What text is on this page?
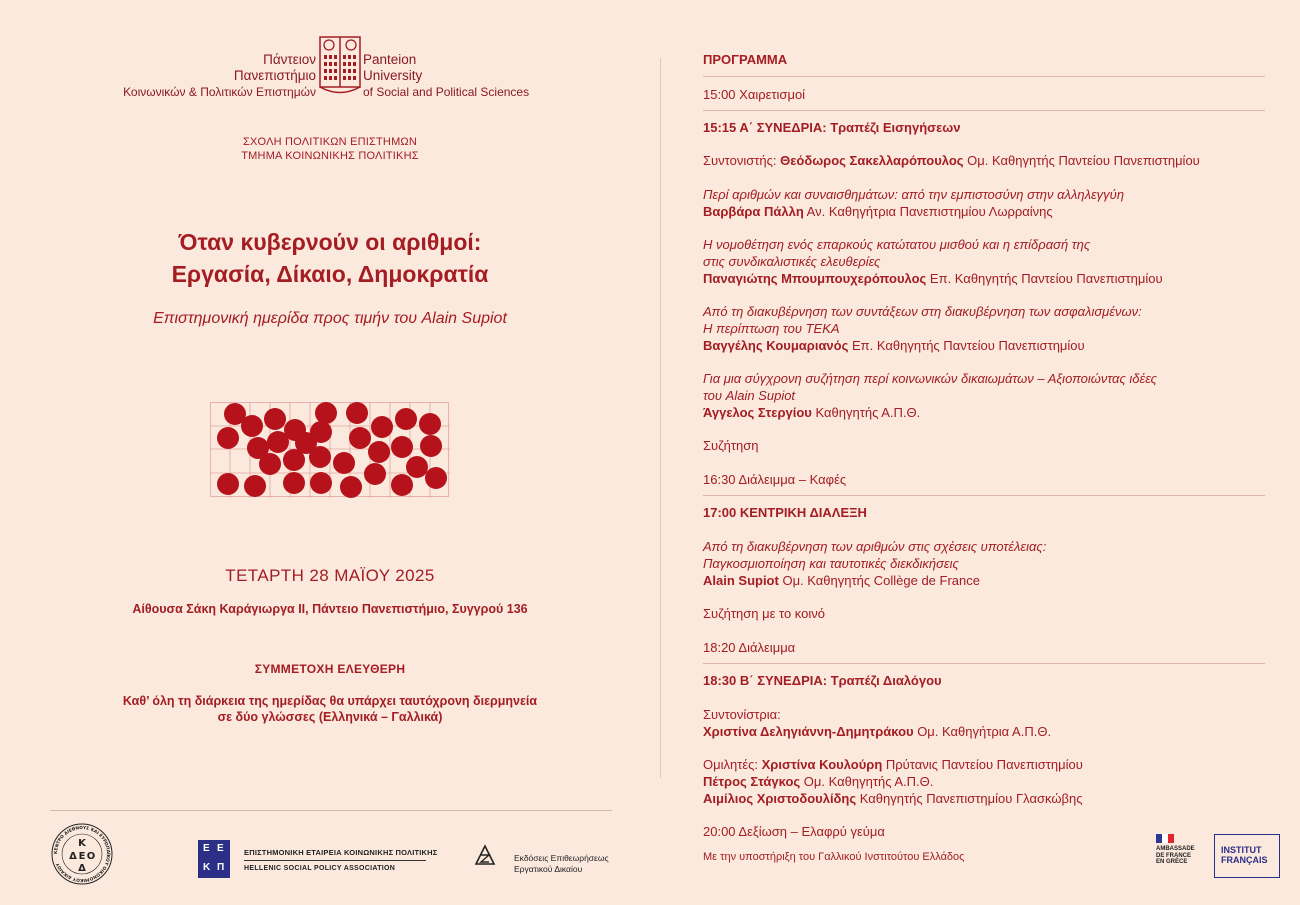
Πάντειον
Πανεπιστήμιο
Κοινωνικών & Πολιτικών Επιστημών
Panteion
University
of Social and Political Sciences
ΣΧΟΛΗ ΠΟΛΙΤΙΚΩΝ ΕΠΙΣΤΗΜΩΝ
ΤΜΗΜΑ ΚΟΙΝΩΝΙΚΗΣ ΠΟΛΙΤΙΚΗΣ
Όταν κυβερνούν οι αριθμοί:
Εργασία, Δίκαιο, Δημοκρατία
Επιστημονική ημερίδα προς τιμήν του Alain Supiot
ΤΕΤΑΡΤΗ 28 ΜΑΪΟΥ 2025
Αίθουσα Σάκη Καράγιωργα ΙΙ, Πάντειο Πανεπιστήμιο, Συγγρού 136
ΣΥΜΜΕΤΟΧΗ ΕΛΕΥΘΕΡΗ
Καθ’ όλη τη διάρκεια της ημερίδας θα υπάρχει ταυτόχρονη διερμηνεία
σε δύο γλώσσες (Ελληνικά – Γαλλικά)
ΚΕΝΤΡΟ ΔΙΕΘΝΟΥΣ ΚΑΙ ΕΥΡΩΠΑΪΚΟΥ ΟΙΚΟΝΟΜΙΚΟΥ ΔΙΚΑΙΟΥ
Κ
Δ Ε Ο
Δ
Ε Ε
Κ Π
ΕΠΙΣΤΗΜΟΝΙΚΗ ΕΤΑΙΡΕΙΑ ΚΟΙΝΩΝΙΚΗΣ ΠΟΛΙΤΙΚΗΣ
HELLENIC SOCIAL POLICY ASSOCIATION
Εκδόσεις Επιθεωρήσεως
Εργατικού Δικαίου
ΠΡΟΓΡΑΜΜΑ
15:00 Χαιρετισμοί
15:15 Α΄ ΣΥΝΕΔΡΙΑ: Τραπέζι Εισηγήσεων
Συντονιστής: Θεόδωρος Σακελλαρόπουλος Ομ. Καθηγητής Παντείου Πανεπιστημίου
Περί αριθμών και συναισθημάτων: από την εμπιστοσύνη στην αλληλεγγύη
Βαρβάρα Πάλλη Αν. Καθηγήτρια Πανεπιστημίου Λωρραίνης
Η νομοθέτηση ενός επαρκούς κατώτατου μισθού και η επίδρασή της
στις συνδικαλιστικές ελευθερίες
Παναγιώτης Μπουμπουχερόπουλος Επ. Καθηγητής Παντείου Πανεπιστημίου
Από τη διακυβέρνηση των συντάξεων στη διακυβέρνηση των ασφαλισμένων:
Η περίπτωση του ΤΕΚΑ
Βαγγέλης Κουμαριανός Επ. Καθηγητής Παντείου Πανεπιστημίου
Για μια σύγχρονη συζήτηση περί κοινωνικών δικαιωμάτων – Αξιοποιώντας ιδέες
του Alain Supiot
Άγγελος Στεργίου Καθηγητής Α.Π.Θ.
Συζήτηση
16:30 Διάλειμμα – Καφές
17:00 ΚΕΝΤΡΙΚΗ ΔΙΑΛΕΞΗ
Από τη διακυβέρνηση των αριθμών στις σχέσεις υποτέλειας:
Παγκοσμιοποίηση και ταυτοτικές διεκδικήσεις
Alain Supiot Ομ. Καθηγητής Collège de France
Συζήτηση με το κοινό
18:20 Διάλειμμα
18:30 Β΄ ΣΥΝΕΔΡΙΑ: Τραπέζι Διαλόγου
Συντονίστρια:
Χριστίνα Δεληγιάννη-Δημητράκου Ομ. Καθηγήτρια Α.Π.Θ.
Ομιλητές: Χριστίνα Κουλούρη Πρύτανις Παντείου Πανεπιστημίου
Πέτρος Στάγκος Ομ. Καθηγητής Α.Π.Θ.
Αιμίλιος Χριστοδουλίδης Καθηγητής Πανεπιστημίου Γλασκώβης
20:00 Δεξίωση – Ελαφρύ γεύμα
Με την υποστήριξη του Γαλλικού Ινστιτούτου Ελλάδος
AMBASSADE
DE FRANCE
EN GRÈCE
INSTITUT
FRANÇAIS
